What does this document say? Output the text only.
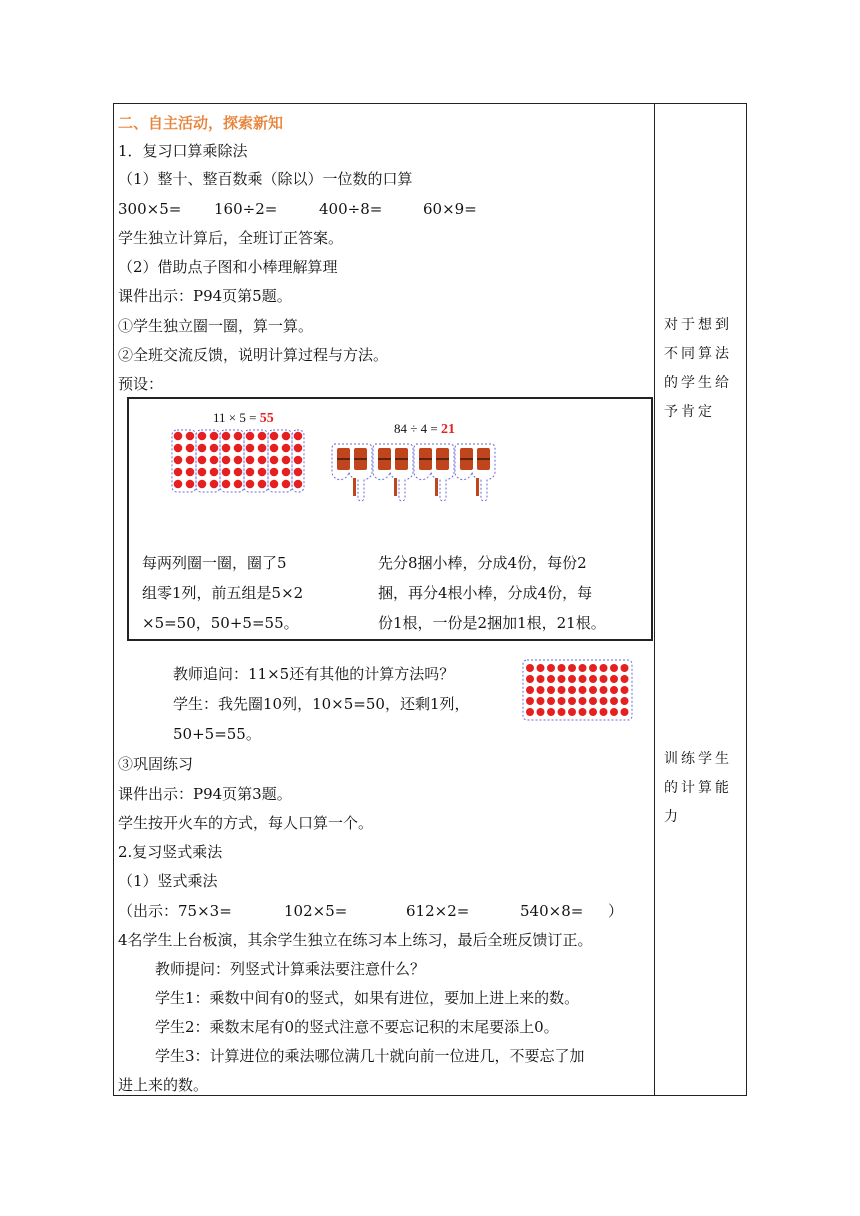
二、自主活动，探索新知
1．复习口算乘除法
（1）整十、整百数乘（除以）一位数的口算
300×5= 160÷2=	400÷8=	60×9=
学生独立计算后，全班订正答案。
（2）借助点子图和小棒理解算理
课件出示：P94页第5题。
①学生独立圈一圈，算一算。
②全班交流反馈，说明计算过程与方法。
预设：
11 × 5 = 55
84 ÷ 4 = 21
每两列圈一圈，圈了5
组零1列，前五组是5×2
×5=50，50+5=55。
先分8捆小棒，分成4份，每份2
捆，再分4根小棒，分成4份，每
份1根，一份是2捆加1根，21根。
教师追问：11×5还有其他的计算方法吗？
学生：我先圈10列，10×5=50，还剩1列，
50+5=55。
③巩固练习
课件出示：P94页第3题。
学生按开火车的方式，每人口算一个。
2.复习竖式乘法
（1）竖式乘法
（出示：75×3=	102×5=	612×2=	540×8= ）
4名学生上台板演，其余学生独立在练习本上练习，最后全班反馈订正。
教师提问：列竖式计算乘法要注意什么？
学生1：乘数中间有0的竖式，如果有进位，要加上进上来的数。
学生2：乘数末尾有0的竖式注意不要忘记积的末尾要添上0。
学生3：计算进位的乘法哪位满几十就向前一位进几，不要忘了加
进上来的数。
对于想到
不同算法
的学生给
予肯定
训练学生
的计算能
力
